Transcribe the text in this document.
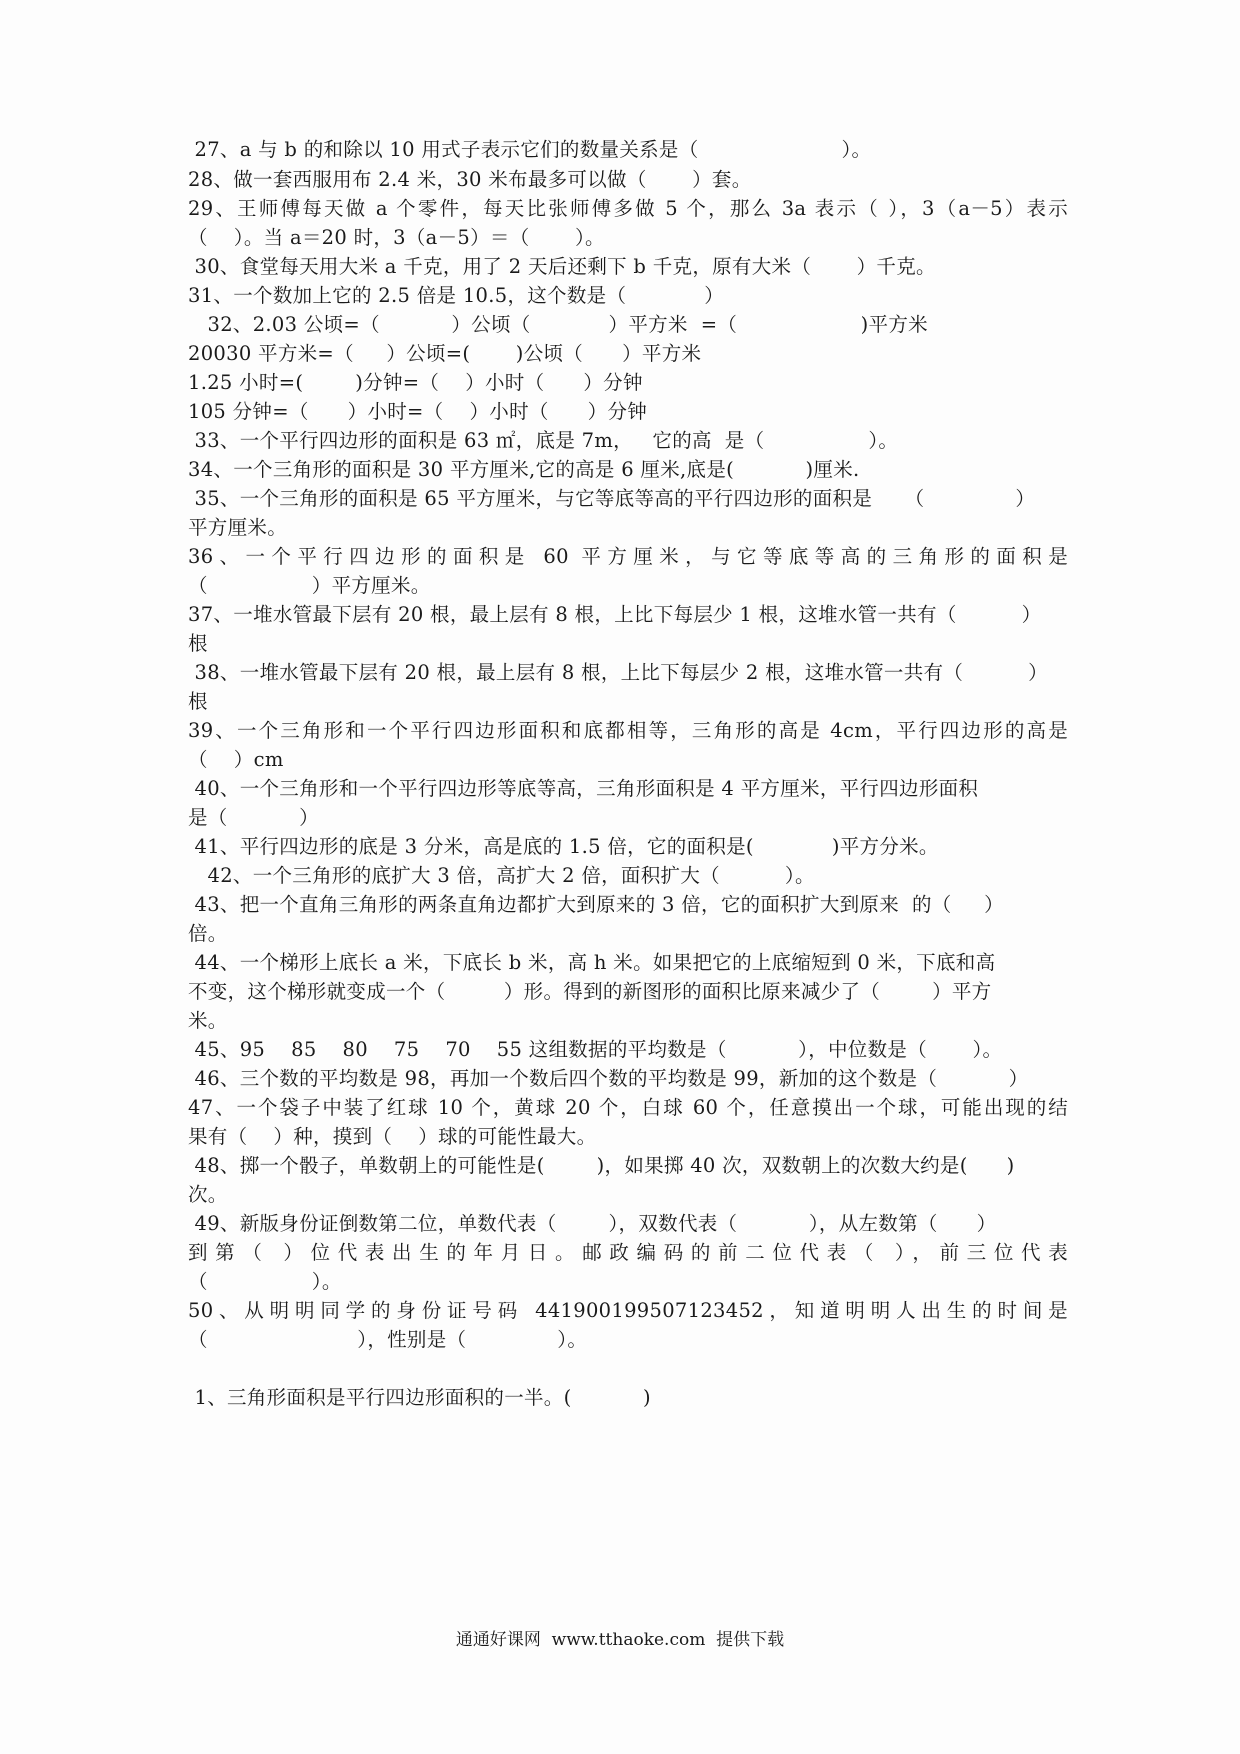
27、a 与 b 的和除以 10 用式子表示它们的数量关系是（                      ）。
28、做一套西服用布 2.4 米，30 米布最多可以做（       ）套。
29、王师傅每天做 a 个零件，每天比张师傅多做 5 个，那么 3a 表示（ ），3（a－5）表示
（    ）。当 a＝20 时，3（a－5）＝（       ）。
30、食堂每天用大米 a 千克，用了 2 天后还剩下 b 千克，原有大米（       ）千克。
31、一个数加上它的 2.5 倍是 10.5，这个数是（            ）
32、2.03 公顷=（           ）公顷（            ）平方米  =（                   )平方米
20030 平方米=（     ）公顷=(       )公顷（      ）平方米
1.25 小时=(        )分钟=（    ）小时（      ）分钟
105 分钟=（      ）小时=（    ）小时（      ）分钟
33、一个平行四边形的面积是 63 ㎡，底是 7m，   它的高  是（                ）。
34、一个三角形的面积是 30 平方厘米,它的高是 6 厘米,底是(           )厘米.
35、一个三角形的面积是 65 平方厘米，与它等底等高的平行四边形的面积是     （              ）
平方厘米。
36、一个平行四边形的面积是 60 平方厘米，与它等底等高的三角形的面积是
（                ）平方厘米。
37、一堆水管最下层有 20 根，最上层有 8 根，上比下每层少 1 根，这堆水管一共有（          ）
根
38、一堆水管最下层有 20 根，最上层有 8 根，上比下每层少 2 根，这堆水管一共有（          ）
根
39、一个三角形和一个平行四边形面积和底都相等，三角形的高是 4cm，平行四边形的高是
（    ）cm
40、一个三角形和一个平行四边形等底等高，三角形面积是 4 平方厘米，平行四边形面积
是（           ）
41、平行四边形的底是 3 分米，高是底的 1.5 倍，它的面积是(            )平方分米。
42、一个三角形的底扩大 3 倍，高扩大 2 倍，面积扩大（          ）。
43、把一个直角三角形的两条直角边都扩大到原来的 3 倍，它的面积扩大到原来  的（     ）
倍。
44、一个梯形上底长 a 米，下底长 b 米，高 h 米。如果把它的上底缩短到 0 米，下底和高
不变，这个梯形就变成一个（         ）形。得到的新图形的面积比原来减少了（        ）平方
米。
45、95    85    80    75    70    55 这组数据的平均数是（           ），中位数是（       ）。
46、三个数的平均数是 98，再加一个数后四个数的平均数是 99，新加的这个数是（           ）
47、一个袋子中装了红球 10 个，黄球 20 个，白球 60 个，任意摸出一个球，可能出现的结
果有（    ）种，摸到（    ）球的可能性最大。
48、掷一个骰子，单数朝上的可能性是(        )，如果掷 40 次，双数朝上的次数大约是(      )
次。
49、新版身份证倒数第二位，单数代表（        ），双数代表（           ），从左数第（      ）
到第（ ）位代表出生的年月日。邮政编码的前二位代表（ ），前三位代表
（                ）。
50、从明明同学的身份证号码 441900199507123452，知道明明人出生的时间是
（                       ），性别是（              ）。
1、三角形面积是平行四边形面积的一半。(           )
通通好课网  www.tthaoke.com  提供下载
